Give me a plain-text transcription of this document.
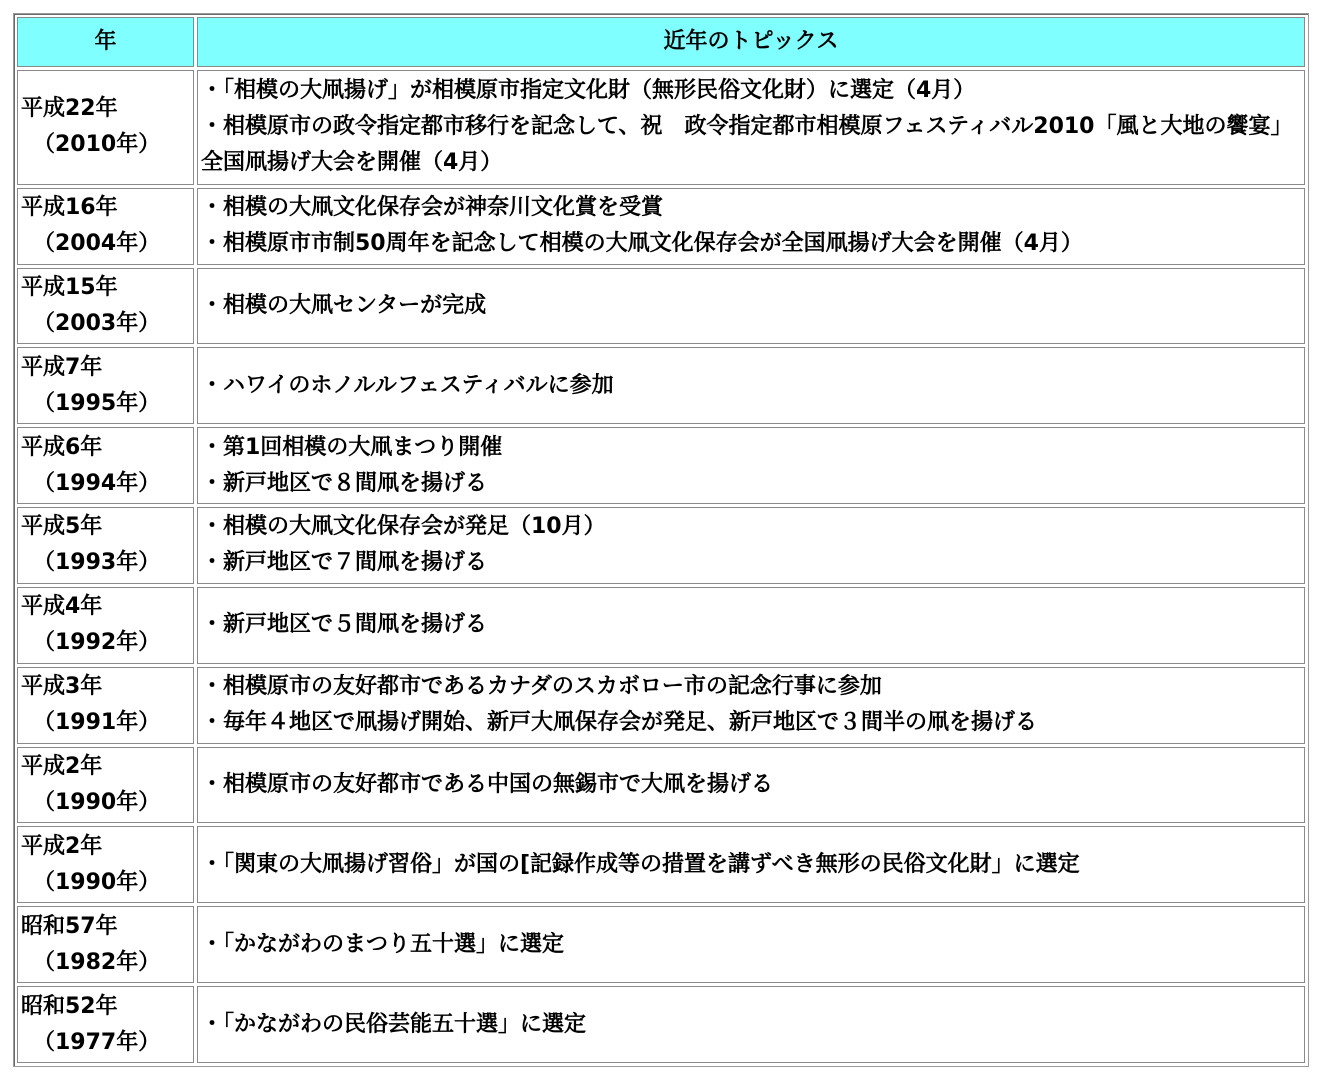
年	近年のトピックス

平成22年
（2010年）	・「相模の大凧揚げ」が相模原市指定文化財（無形民俗文化財）に選定（4月）
・相模原市の政令指定都市移行を記念して、祝　政令指定都市相模原フェスティバル2010「風と大地の饗宴」全国凧揚げ大会を開催（4月）

平成16年
（2004年）	・相模の大凧文化保存会が神奈川文化賞を受賞
・相模原市市制50周年を記念して相模の大凧文化保存会が全国凧揚げ大会を開催（4月）

平成15年
（2003年）	・相模の大凧センターが完成

平成7年
（1995年）	・ハワイのホノルルフェスティバルに参加

平成6年
（1994年）	・第1回相模の大凧まつり開催
・新戸地区で８間凧を揚げる

平成5年
（1993年）	・相模の大凧文化保存会が発足（10月）
・新戸地区で７間凧を揚げる

平成4年
（1992年）	・新戸地区で５間凧を揚げる

平成3年
（1991年）	・相模原市の友好都市であるカナダのスカボロー市の記念行事に参加
・毎年４地区で凧揚げ開始、新戸大凧保存会が発足、新戸地区で３間半の凧を揚げる

平成2年
（1990年）	・相模原市の友好都市である中国の無錫市で大凧を揚げる

平成2年
（1990年）	・「関東の大凧揚げ習俗」が国の[記録作成等の措置を講ずべき無形の民俗文化財」に選定

昭和57年
（1982年）	・「かながわのまつり五十選」に選定

昭和52年
（1977年）	・「かながわの民俗芸能五十選」に選定
